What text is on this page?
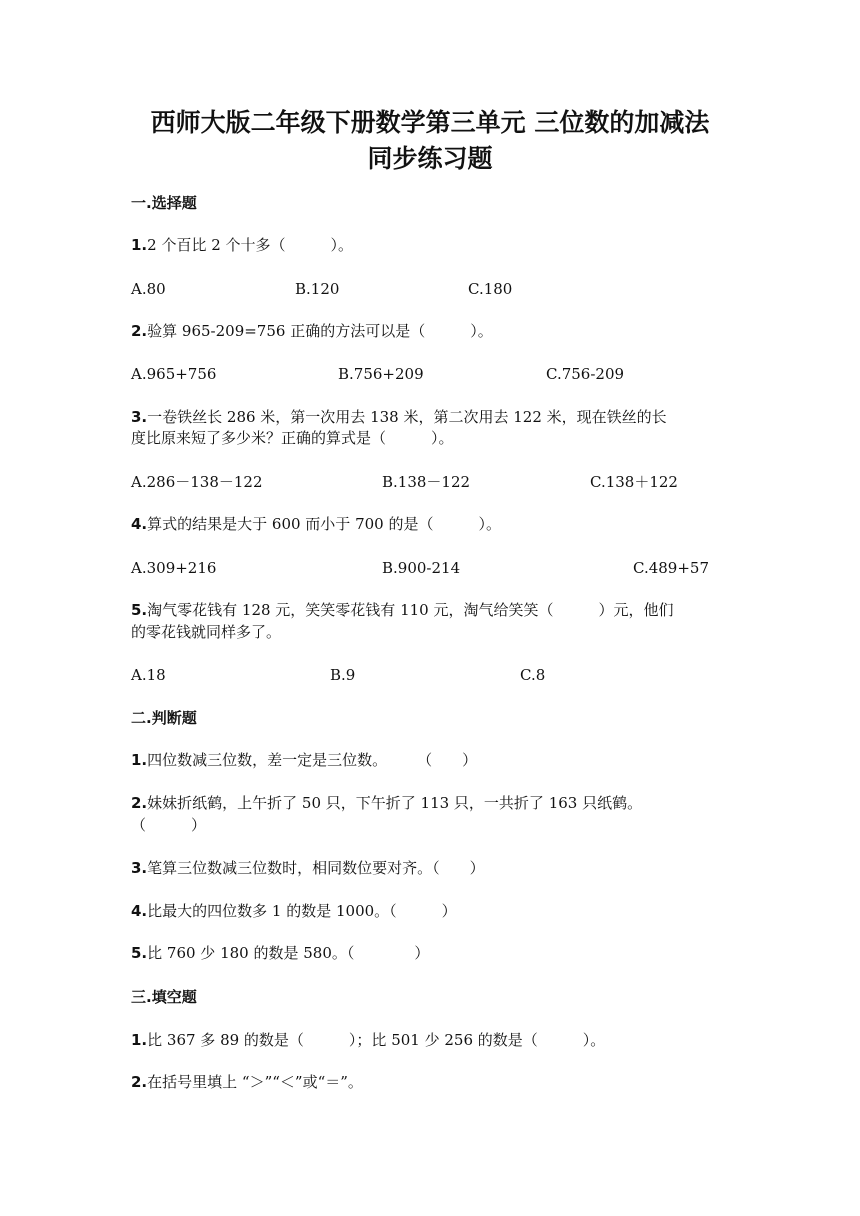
西师大版二年级下册数学第三单元 三位数的加减法
同步练习题
一.选择题
1.2 个百比 2 个十多（　　　）。
A.80	B.120	C.180
2.验算 965-209=756 正确的方法可以是（　　　）。
A.965+756	B.756+209	C.756-209
3.一卷铁丝长 286 米，第一次用去 138 米，第二次用去 122 米，现在铁丝的长
度比原来短了多少米？正确的算式是（　　　）。
A.286－138－122	B.138－122	C.138＋122
4.算式的结果是大于 600 而小于 700 的是（　　　）。
A.309+216	B.900-214	C.489+57
5.淘气零花钱有 128 元，笑笑零花钱有 110 元，淘气给笑笑（　　　）元，他们
的零花钱就同样多了。
A.18	B.9	C.8
二.判断题
1.四位数减三位数，差一定是三位数。　　　（　　）
2.妹妹折纸鹤，上午折了 50 只，下午折了 113 只，一共折了 163 只纸鹤。
（　　　）
3.笔算三位数减三位数时，相同数位要对齐。（　　）
4.比最大的四位数多 1 的数是 1000。（　　　）
5.比 760 少 180 的数是 580。（　　　　）
三.填空题
1.比 367 多 89 的数是（　　　）；比 501 少 256 的数是（　　　）。
2.在括号里填上 “＞”“＜”或“＝”。
